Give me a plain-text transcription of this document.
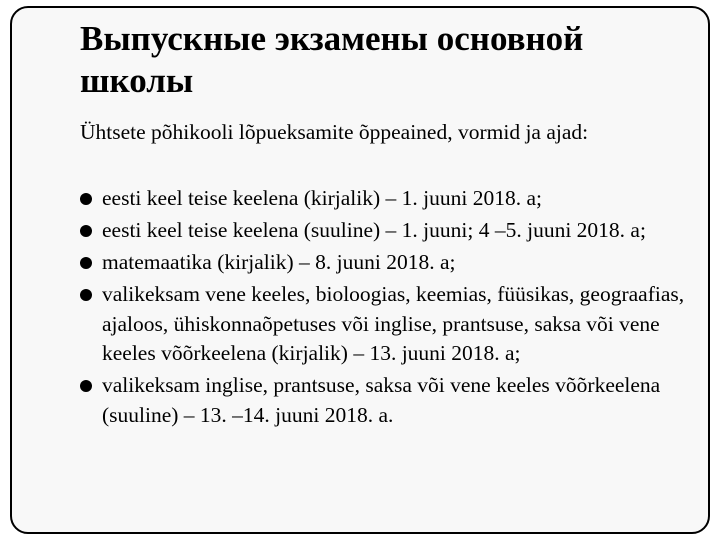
Выпускные экзамены основной школы

Ühtsete põhikooli lõpueksamite õppeained, vormid ja ajad:

eesti keel teise keelena (kirjalik) – 1. juuni 2018. a;
eesti keel teise keelena (suuline) – 1. juuni; 4 –5. juuni 2018. a;
matemaatika (kirjalik) – 8. juuni 2018. a;
valikeksam vene keeles, bioloogias, keemias, füüsikas, geograafias, ajaloos, ühiskonnaõpetuses või inglise, prantsuse, saksa või vene keeles võõrkeelena (kirjalik) – 13. juuni 2018. a;
valikeksam inglise, prantsuse, saksa või vene keeles võõrkeelena (suuline) – 13. –14. juuni 2018. a.
